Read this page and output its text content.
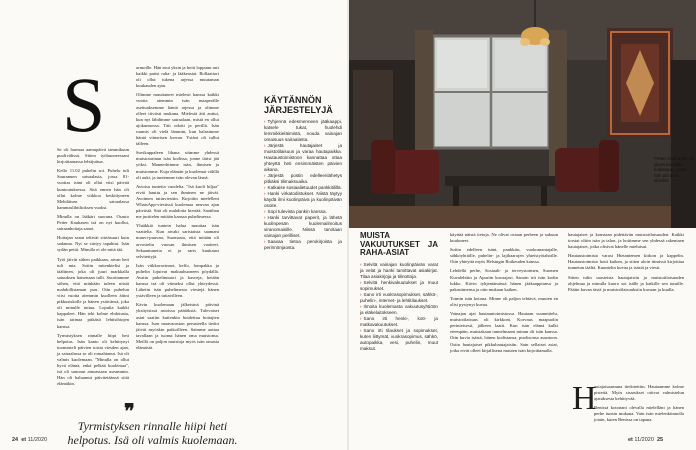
S

Se oli harmaa aamupäivä tammikuun puolivälissä. Sitten työhuoneessani kirjoittamassa lehtijuttua.

Kello 11.02 puhelin soi. Puhelu tuli Suuranuen satsaalasta, jossa 81-vuotias isäni oli ollut viisi päivää kuntoutuksessa. Sitä ennen hän oli ollut kolme viikkoa keskittyneen Mehiläisen sairaalassa hammaslihtiltoksen vuoksi.

Minulla on lääkäri suorana. Osasto Petter Kauhasen isä on nyt kuollut, sairaanhoitaja sanoi.

Hoitajan sanat tekivät siirtäsuuri kuin sadanna. Nyt se siirtyy tapahtui. Isän sydän pettii. Minulla ei ole mitä tää.

Työt jäivät siihen paikkaan, aivan heti tuli mia. Soitin mitenkielisi ja täältinen, joka oli juuri markkalla satuuksen hatsenaan tulli. Suoritamme siihen, että minkään tuleen niistä mahdollistaman puu. Otin puhelun viisi vuotta aiemmin kuolleen äitini pikkusiskolle ja hänen ystävänsä, joka oli minulle tuttua. Lopulta kaikki kappaleet. Hän teki kolme ehdotusta, isän tarinaa pitkästi lehtisihtojen kanssa.

Tyrmistyksen rinnalle hiipi heti helpotus. Isän kanto oli kehittynyt tuomasteli päivien toista viesden ajan, ja sairaalassa se oli romahtanut. Isä oli valmis kuolemaan. "Minulla on ollut hyvä elämä, enkä pelkää kuolemaa", isä oli sanonut ainoastaan useammin. Hän oli haluamut päivitetäänsä siitä elämäkin.

armoille. Hän asui yksin ja hoiti loppuun asti kaikki paitsi raha- ja lääkeasiat. Rollaattori oli ollut tukena arjessa muutaman kuukauden ajan.

Olimme muuttaneet mielesti kanssa kaikki vuotta aiemmin isän maaperälle asettuaksemme häntä arjessa ja olimme olleet tiiviisti mukana. Mielestä äiti auttui, kun nyt lähdimme sairaalaan, mistä en ollut ajokunnossa. Täti odotti ja perillä. Isän ruumis oli vielä lämmin, kun halasimme häntä viimeisen kerran. Ystäni oli tullut tälleen.

Suvikappaleen lihana söimme yhdessä muistotarinan isän kodissa, jonne tärisi jää yöksi. Mannerhimme isän, ihmisen ja muistomme. Kuja elämän ja kuolemat välillä oli auki, ja tuntemme isän olevan läsnä.

Avioisa tunteita vuodelta. "Isä kuoli hiljaa" eivät hauttu ja sen ihminen ne jäivät. Avoimen tuttuviestiin. Kirjoitin mielelleni WhatsApp-viestissä kuolemaa neuvan ajan päivästä. Sitä oli mahdotta kiertää. Saatihan me jurittelen mitään kansaa puhelimessa.

Yhtäkkiä tuntein halua muuttaa isän vaattelia. Kun aivaki saristaista saamani muuvi-puuvan, Suomasta, että mitään oli arvosteltu vuosan ihmisen vaatteet. Sekaantuneita ei ja saris kuukausi selvitettyjä.

Isän viikkoravinnot, keffo, lompakko ja puhelin lojuivat makuuhuoneen pöydällä. Avattu puhelinnuori ja kasveja, ketään kanssa isä oli viimeksi ollut yhteydessä. Lähetin isän puhelimesta viestejä hänen ystävilleen ja tuttavilleen.

Kävin kuolemaan jälkeisinä päivinä yksityisissä asioissa päätöksiä. Tulevaiset asiat saatiin kuitenkin hoidettua hoitajien kanssa. Ison maavaraston perusteella tiedot jäivät myöskin paikoilleen. Saimme auttaa tavallaan ja tuonut hänen oma muistonsa. Meillä on paljon muistoja myös isän omasta elämästä.

❞
Tyrmistyksen rinnalle hiipi heti helpotus. Isä oli valmis kuolemaan.
24 et 11/2020
Petter Kauhanen oli ylpeä kaunista kodistaan, jossa hän piti aina siistinä.
KÄYTÄNNÖN JÄRJESTELYJÄ
› Tyhjennä edesmenneen jääkaappi, katsele tukat, huolehdi lemmikkieläimistä, nouda vainajan omaisuus sairaalasta.
› Järjestä hautajaiset ja muistotilaisuus ja varaa hautapaikka. Hautaustoimistoon kannattaa ottaa yhteyttä heti ensimmäisten päivien aikana.
› Järjestä postin edelleenlähetys pitkäksi tilimaksuaika.
› Katkaise sosiaalietuudet pankkitilillä.
› Hanki virkatodistukset. Niistä täytyy käydä ilmi kuolinpäivä ja kuolinpäivän osoite.
› Sopi tulevista pankin kanssa.
› Hanki tarvittavat paperit, ja lähetä kuolinpesän kuolemailmoitus viranomaisille. Niissä tarvitaan vainajan perilliset.
› Saavaa tietoa perukirjoista ja perinnönjaosta.
MUISTA VAKUUTUKSET JA RAHA-ASIAT
› Selvitä vainajan kuolinpäivän varat ja velat ja hanki tarvittavat asiakirjat. Tilaa asiakirjoja ja tilinottoja.
› Selvitä henkivakuutukset ja muut sopimukset.
› Sano irti vuokrasopimukset, sähkö-, puhelin-, internet- ja lehtitilaukset.
› Ilmoita kuolemasta vakuutusyhtiöön ja eläkelaitokseen.
› Sano irti henki-, koti- ja matkavakuutukset.
› Sano irti tilaukset ja sopimukset, kuten liittymät, vuokrasopimus, sähkö, autopaikka, vesi, puhelin, muut maksut.

käyttää näistä tietoja. Ne olivat osiaan perheen ja sukuun kuuluneet.

Soitin edelleen isäni, pankkiin, vuokranantajalle, sähköyhtiölle, puhelin- ja lajihaarojen yhteistyötahoille. Otin yhteyttä myös Helsingin Roikeuden kanssa.

Lehdellä perhe, Sosiaali- ja terveystoimen, Suomen Kuvalehtiin ja Apuriin kuvaajasi. Sanoin irti isän kodin lukko. Kävin tyhjentämässä hänen jääkaappiansa ja pakastimensa ja otin mukaan kaiken.

Toimin isän kotona. Minne oli paljon tehtävä, muuten en olisi pystynyt kuvaa.

Vainajan ajat hautauntoimistossa. Hautaan suunnittelu, muistotilaisuus oli kirkkoni. Korvaus maapuolin perinteisesti, jälkeen laatii. Kun isän elämä kulki eteenpäin, muistakaan tunnelmaani minun oli isän kanssa. Otin kuvia isästä, hänen kodistansa, puolisonsa asuntoon. Ostin hautajaiset pikkuhautajaisiin. Sain sellaiset asiat, jotka eivät olleet kirjallisena muuten isän kirjoittamalla.

hautajaiset ja konstaan pidettävän muistotilaisuuden. Kaikki torstai oltiin isän ja talon, ja hoitimme sen yhdessä rakentaen hautajaiset, jotka olisivat hänelle mieluisat.

Hautaustoimisto varasi Hietaniemen kirkon ja kappelin. Hautaustoimisto hoiti kaiken, ja sitten aloin tiimissä kirjoittaa tunnetun täältä. Kuuntelin kuvaa ja isästä ja viesti.

Sitten tulin saasteista hautajaisiin ja muistotilaisuuden ohjelmaa ja minulla kuoro soi isälle ja kaikille sen tutuille. Päätin kuvan tästä ja muistotilaisuuksiin kuvaan ja kuulla.

H

autajaisaamuna tiedotettiin. Hautaamme kolme pistettä. Myös sisarukset ottivat valmistelun ajatuksesta kehittyvää.

Benissä kotonani olevalla mielelläni ja hänen perhe tunsin mukana. Vain isän mielenkiinnolla jotain, kuten Benissa on tapana.

et 11/2020 25
